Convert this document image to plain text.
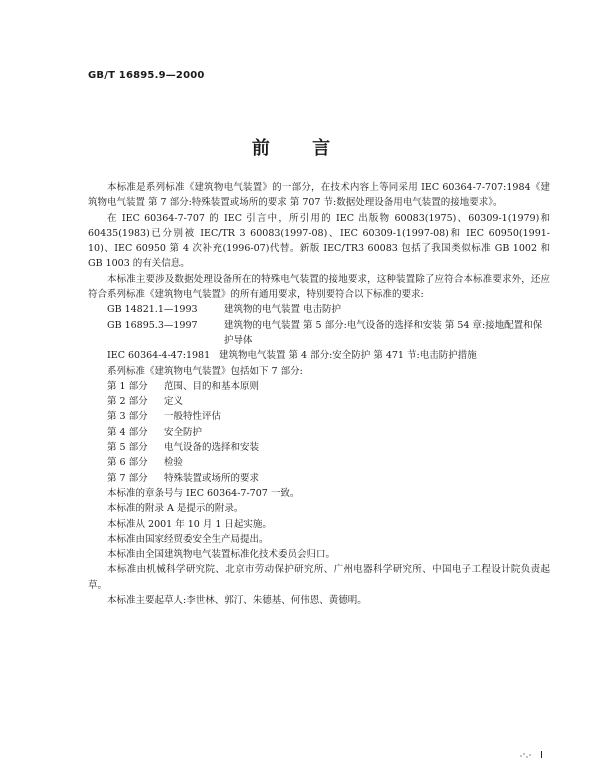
GB/T 16895.9—2000
前 言

本标准是系列标准《建筑物电气装置》的一部分，在技术内容上等同采用 IEC 60364-7-707:1984《建筑物电气装置 第 7 部分:特殊装置或场所的要求 第 707 节:数据处理设备用电气装置的接地要求》。

在 IEC 60364-7-707 的 IEC 引言中，所引用的 IEC 出版物 60083(1975)、60309-1(1979)和 60435(1983)已分别被 IEC/TR 3 60083(1997-08)、IEC 60309-1(1997-08)和 IEC 60950(1991-10)、IEC 60950 第 4 次补充(1996-07)代替。新版 IEC/TR3 60083 包括了我国类似标准 GB 1002 和 GB 1003 的有关信息。

本标准主要涉及数据处理设备所在的特殊电气装置的接地要求，这种装置除了应符合本标准要求外，还应符合系列标准《建筑物电气装置》的所有通用要求，特别要符合以下标准的要求:

GB 14821.1—1993	建筑物的电气装置 电击防护
GB 16895.3—1997	建筑物的电气装置 第 5 部分:电气设备的选择和安装 第 54 章:接地配置和保护导体
IEC 60364-4-47:1981 建筑物电气装置 第 4 部分:安全防护 第 471 节:电击防护措施
系列标准《建筑物电气装置》包括如下 7 部分:
第 1 部分	范围、目的和基本原则
第 2 部分	定义
第 3 部分	一般特性评估
第 4 部分	安全防护
第 5 部分	电气设备的选择和安装
第 6 部分	检验
第 7 部分	特殊装置或场所的要求
本标准的章条号与 IEC 60364-7-707 一致。
本标准的附录 A 是提示的附录。
本标准从 2001 年 10 月 1 日起实施。
本标准由国家经贸委安全生产局提出。
本标准由全国建筑物电气装置标准化技术委员会归口。

本标准由机械科学研究院、北京市劳动保护研究所、广州电器科学研究所、中国电子工程设计院负责起草。

本标准主要起草人:李世林、郭汀、朱德基、何伟恩、黄德明。
I
